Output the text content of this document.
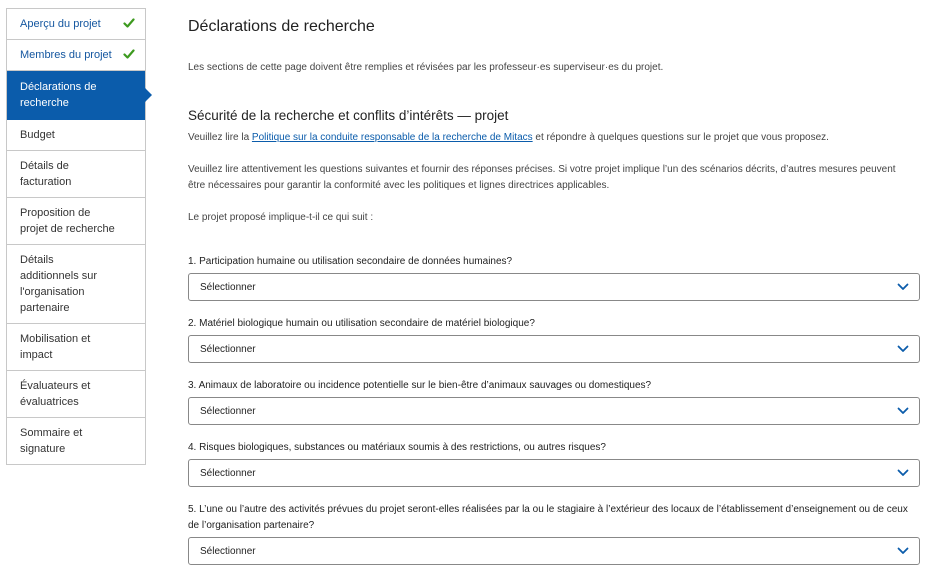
Aperçu du projet
Membres du projet
Déclarations de recherche
Budget
Détails de facturation
Proposition de projet de recherche
Détails additionnels sur l'organisation partenaire
Mobilisation et impact
Évaluateurs et évaluatrices
Sommaire et signature
Déclarations de recherche

Les sections de cette page doivent être remplies et révisées par les professeur·es superviseur·es du projet.

Sécurité de la recherche et conflits d’intérêts — projet

Veuillez lire la Politique sur la conduite responsable de la recherche de Mitacs et répondre à quelques questions sur le projet que vous proposez.

Veuillez lire attentivement les questions suivantes et fournir des réponses précises. Si votre projet implique l’un des scénarios décrits, d’autres mesures peuvent être nécessaires pour garantir la conformité avec les politiques et lignes directrices applicables.

Le projet proposé implique-t-il ce qui suit :

1. Participation humaine ou utilisation secondaire de données humaines?
Sélectionner
2. Matériel biologique humain ou utilisation secondaire de matériel biologique?
Sélectionner
3. Animaux de laboratoire ou incidence potentielle sur le bien-être d’animaux sauvages ou domestiques?
Sélectionner
4. Risques biologiques, substances ou matériaux soumis à des restrictions, ou autres risques?
Sélectionner
5. L’une ou l’autre des activités prévues du projet seront-elles réalisées par la ou le stagiaire à l’extérieur des locaux de l’établissement d’enseignement ou de ceux de l’organisation partenaire?
Sélectionner
